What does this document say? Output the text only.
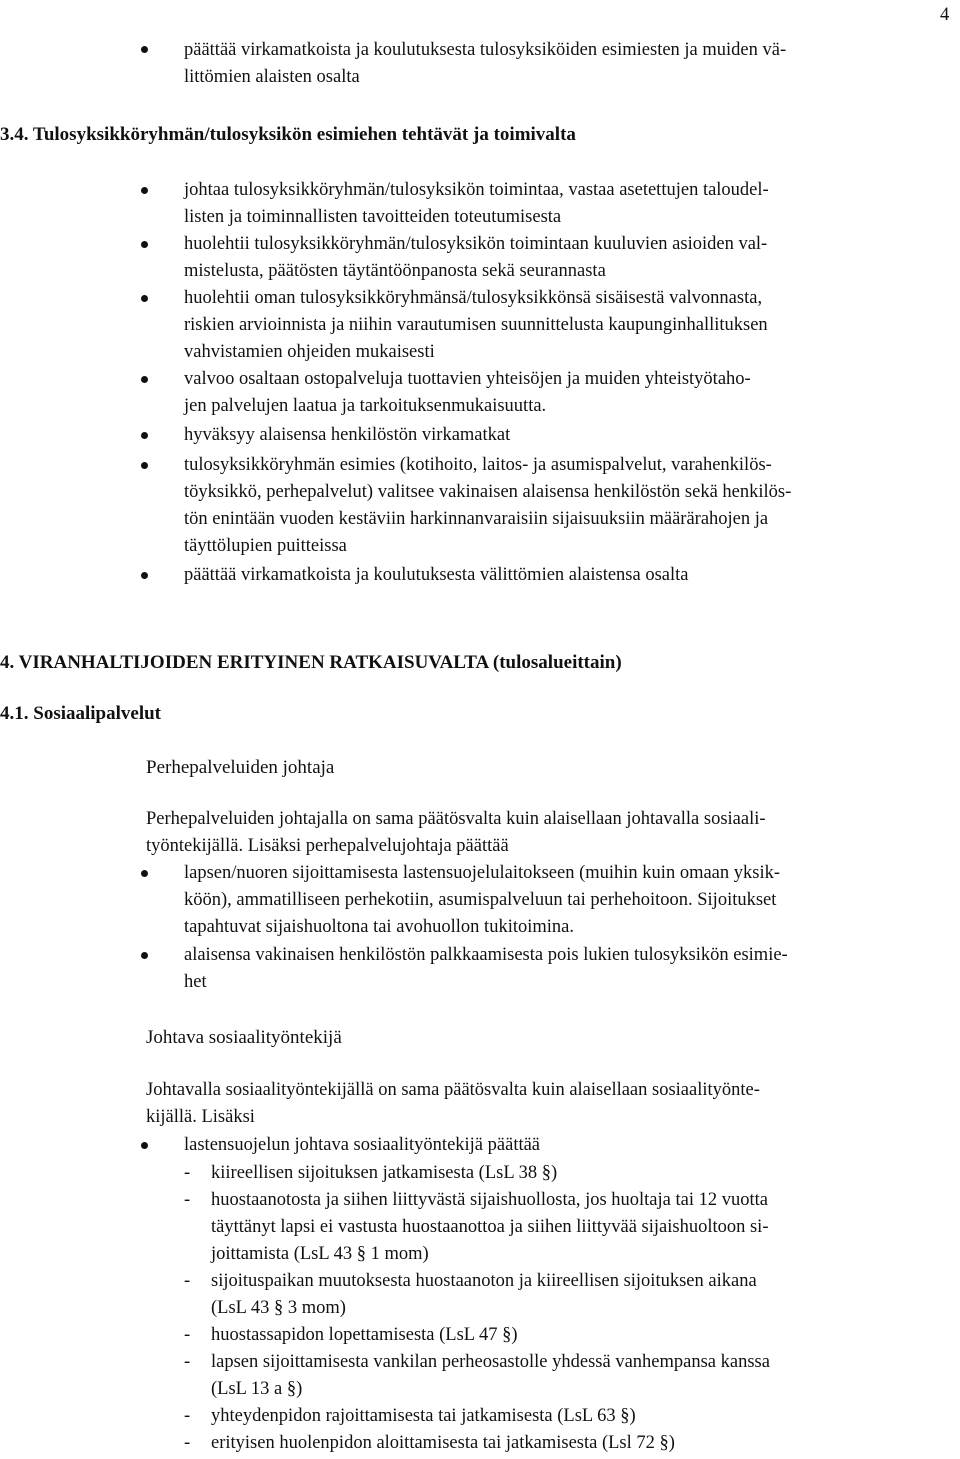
4
päättää virkamatkoista ja koulutuksesta tulosyksiköiden esimiesten ja muiden vä-
littömien alaisten osalta
3.4. Tulosyksikköryhmän/tulosyksikön esimiehen tehtävät ja toimivalta
johtaa tulosyksikköryhmän/tulosyksikön toimintaa, vastaa asetettujen taloudel-
listen ja toiminnallisten tavoitteiden toteutumisesta
huolehtii tulosyksikköryhmän/tulosyksikön toimintaan kuuluvien asioiden val-
mistelusta, päätösten täytäntöönpanosta sekä seurannasta
huolehtii oman tulosyksikköryhmänsä/tulosyksikkönsä sisäisestä valvonnasta,
riskien arvioinnista ja niihin varautumisen suunnittelusta kaupunginhallituksen
vahvistamien ohjeiden mukaisesti
valvoo osaltaan ostopalveluja tuottavien yhteisöjen ja muiden yhteistyötaho-
jen palvelujen laatua ja tarkoituksenmukaisuutta.
hyväksyy alaisensa henkilöstön virkamatkat
tulosyksikköryhmän esimies (kotihoito, laitos- ja asumispalvelut, varahenkilös-
töyksikkö, perhepalvelut) valitsee vakinaisen alaisensa henkilöstön sekä henkilös-
tön enintään vuoden kestäviin harkinnanvaraisiin sijaisuuksiin määrärahojen ja
täyttölupien puitteissa
päättää virkamatkoista ja koulutuksesta välittömien alaistensa osalta
4. VIRANHALTIJOIDEN ERITYINEN RATKAISUVALTA (tulosalueittain)
4.1. Sosiaalipalvelut
Perhepalveluiden johtaja
Perhepalveluiden johtajalla on sama päätösvalta kuin alaisellaan johtavalla sosiaali-
työntekijällä. Lisäksi perhepalvelujohtaja päättää
lapsen/nuoren sijoittamisesta lastensuojelulaitokseen (muihin kuin omaan yksik-
köön), ammatilliseen perhekotiin, asumispalveluun tai perhehoitoon. Sijoitukset
tapahtuvat sijaishuoltona tai avohuollon tukitoimina.
alaisensa vakinaisen henkilöstön palkkaamisesta pois lukien tulosyksikön esimie-
het
Johtava sosiaalityöntekijä
Johtavalla sosiaalityöntekijällä on sama päätösvalta kuin alaisellaan sosiaalityönte-
kijällä. Lisäksi
lastensuojelun johtava sosiaalityöntekijä päättää
- kiireellisen sijoituksen jatkamisesta (LsL 38 §)
- huostaanotosta ja siihen liittyvästä sijaishuollosta, jos huoltaja tai 12 vuotta
täyttänyt lapsi ei vastusta huostaanottoa ja siihen liittyvää sijaishuoltoon si-
joittamista (LsL 43 § 1 mom)
- sijoituspaikan muutoksesta huostaanoton ja kiireellisen sijoituksen aikana
(LsL 43 § 3 mom)
- huostassapidon lopettamisesta (LsL 47 §)
- lapsen sijoittamisesta vankilan perheosastolle yhdessä vanhempansa kanssa
(LsL 13 a §)
- yhteydenpidon rajoittamisesta tai jatkamisesta (LsL 63 §)
- erityisen huolenpidon aloittamisesta tai jatkamisesta (Lsl 72 §)
